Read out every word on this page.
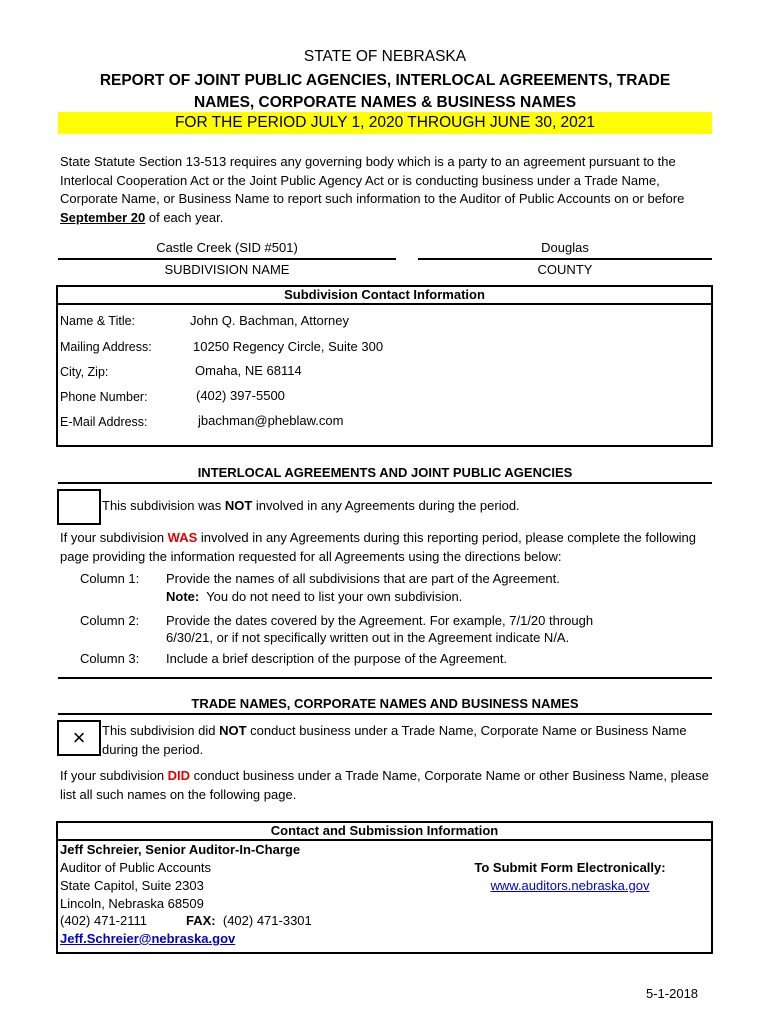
STATE OF NEBRASKA
REPORT OF JOINT PUBLIC AGENCIES, INTERLOCAL AGREEMENTS, TRADE
NAMES, CORPORATE NAMES & BUSINESS NAMES
FOR THE PERIOD JULY 1, 2020 THROUGH JUNE 30, 2021
State Statute Section 13-513 requires any governing body which is a party to an agreement pursuant to the Interlocal Cooperation Act or the Joint Public Agency Act or is conducting business under a Trade Name, Corporate Name, or Business Name to report such information to the Auditor of Public Accounts on or before September 20 of each year.
Castle Creek (SID #501)
SUBDIVISION NAME
Douglas
COUNTY
Subdivision Contact Information
Name & Title:	John Q. Bachman, Attorney
Mailing Address:	10250 Regency Circle, Suite 300
City, Zip:	Omaha, NE 68114
Phone Number:	(402) 397-5500
E-Mail Address:	jbachman@pheblaw.com
INTERLOCAL AGREEMENTS AND JOINT PUBLIC AGENCIES
This subdivision was NOT involved in any Agreements during the period.
If your subdivision WAS involved in any Agreements during this reporting period, please complete the following page providing the information requested for all Agreements using the directions below:
Column 1: Provide the names of all subdivisions that are part of the Agreement.
Note:  You do not need to list your own subdivision.
Column 2: Provide the dates covered by the Agreement. For example, 7/1/20 through
6/30/21, or if not specifically written out in the Agreement indicate N/A.
Column 3: Include a brief description of the purpose of the Agreement.
TRADE NAMES, CORPORATE NAMES AND BUSINESS NAMES
×	This subdivision did NOT conduct business under a Trade Name, Corporate Name or Business Name during the period.
If your subdivision DID conduct business under a Trade Name, Corporate Name or other Business Name, please list all such names on the following page.
Contact and Submission Information
Jeff Schreier, Senior Auditor-In-Charge
Auditor of Public Accounts
State Capitol, Suite 2303
Lincoln, Nebraska 68509
(402) 471-2111	FAX: (402) 471-3301
Jeff.Schreier@nebraska.gov
To Submit Form Electronically:
www.auditors.nebraska.gov
5-1-2018
